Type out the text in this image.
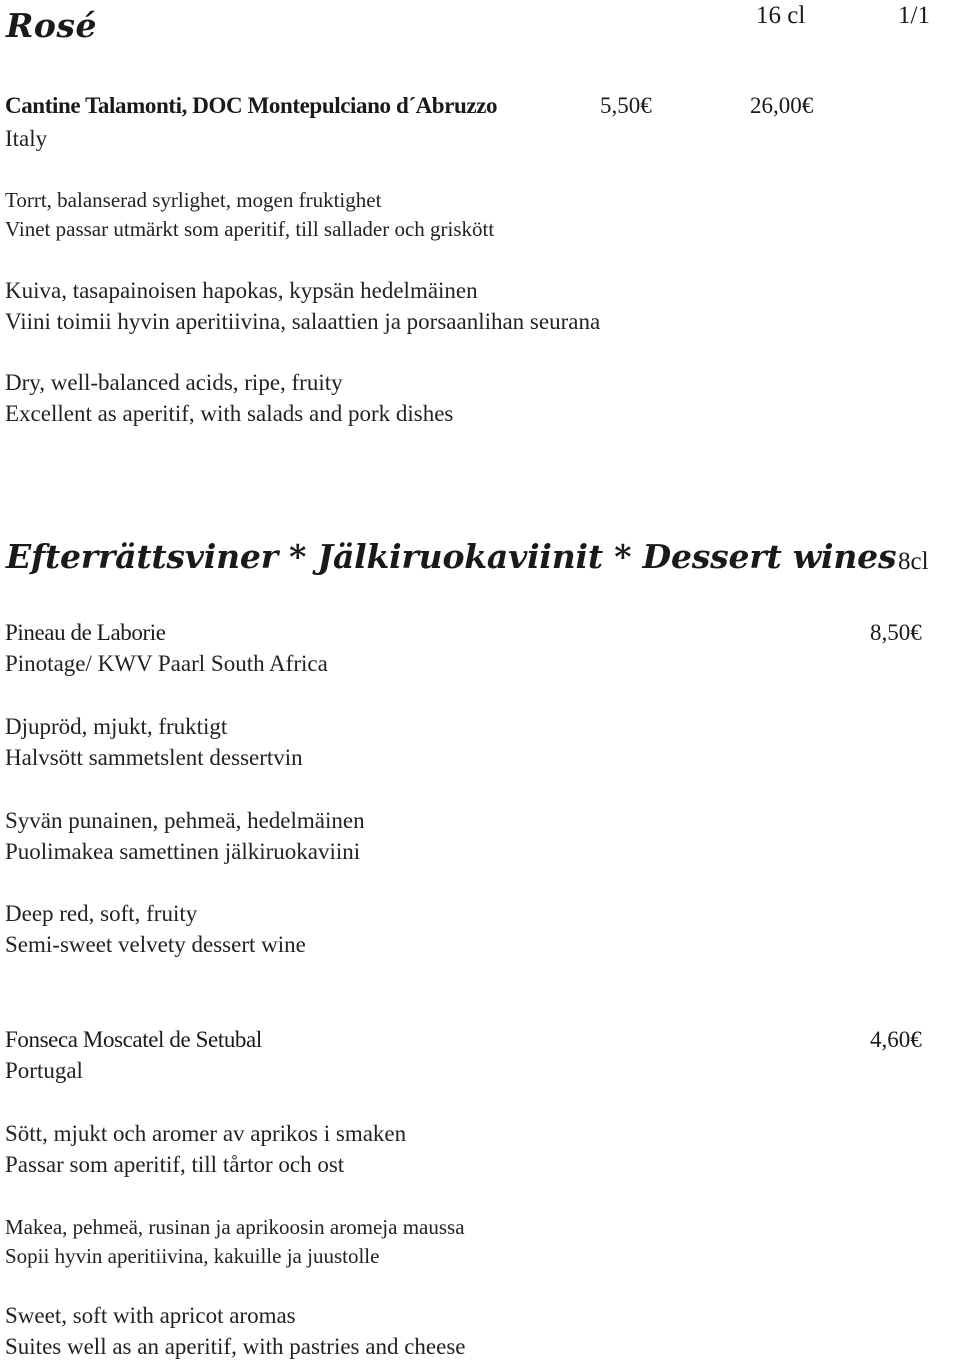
Rosé	16 cl	1/1
Cantine Talamonti, DOC Montepulciano d´Abruzzo	5,50€	26,00€
Italy
Torrt, balanserad syrlighet, mogen fruktighet
Vinet passar utmärkt som aperitif, till sallader och griskött
Kuiva, tasapainoisen hapokas, kypsän hedelmäinen
Viini toimii hyvin aperitiivina, salaattien ja porsaanlihan seurana
Dry, well-balanced acids, ripe, fruity
Excellent as aperitif, with salads and pork dishes
Efterrättsviner * Jälkiruokaviinit * Dessert wines 8cl
Pineau de Laborie	8,50€
Pinotage/ KWV Paarl South Africa
Djupröd, mjukt, fruktigt
Halvsött sammetslent dessertvin
Syvän punainen, pehmeä, hedelmäinen
Puolimakea samettinen jälkiruokaviini
Deep red, soft, fruity
Semi-sweet velvety dessert wine
Fonseca Moscatel de Setubal	4,60€
Portugal
Sött, mjukt och aromer av aprikos i smaken
Passar som aperitif, till tårtor och ost
Makea, pehmeä, rusinan ja aprikoosin aromeja maussa
Sopii hyvin aperitiivina, kakuille ja juustolle
Sweet, soft with apricot aromas
Suites well as an aperitif, with pastries and cheese
